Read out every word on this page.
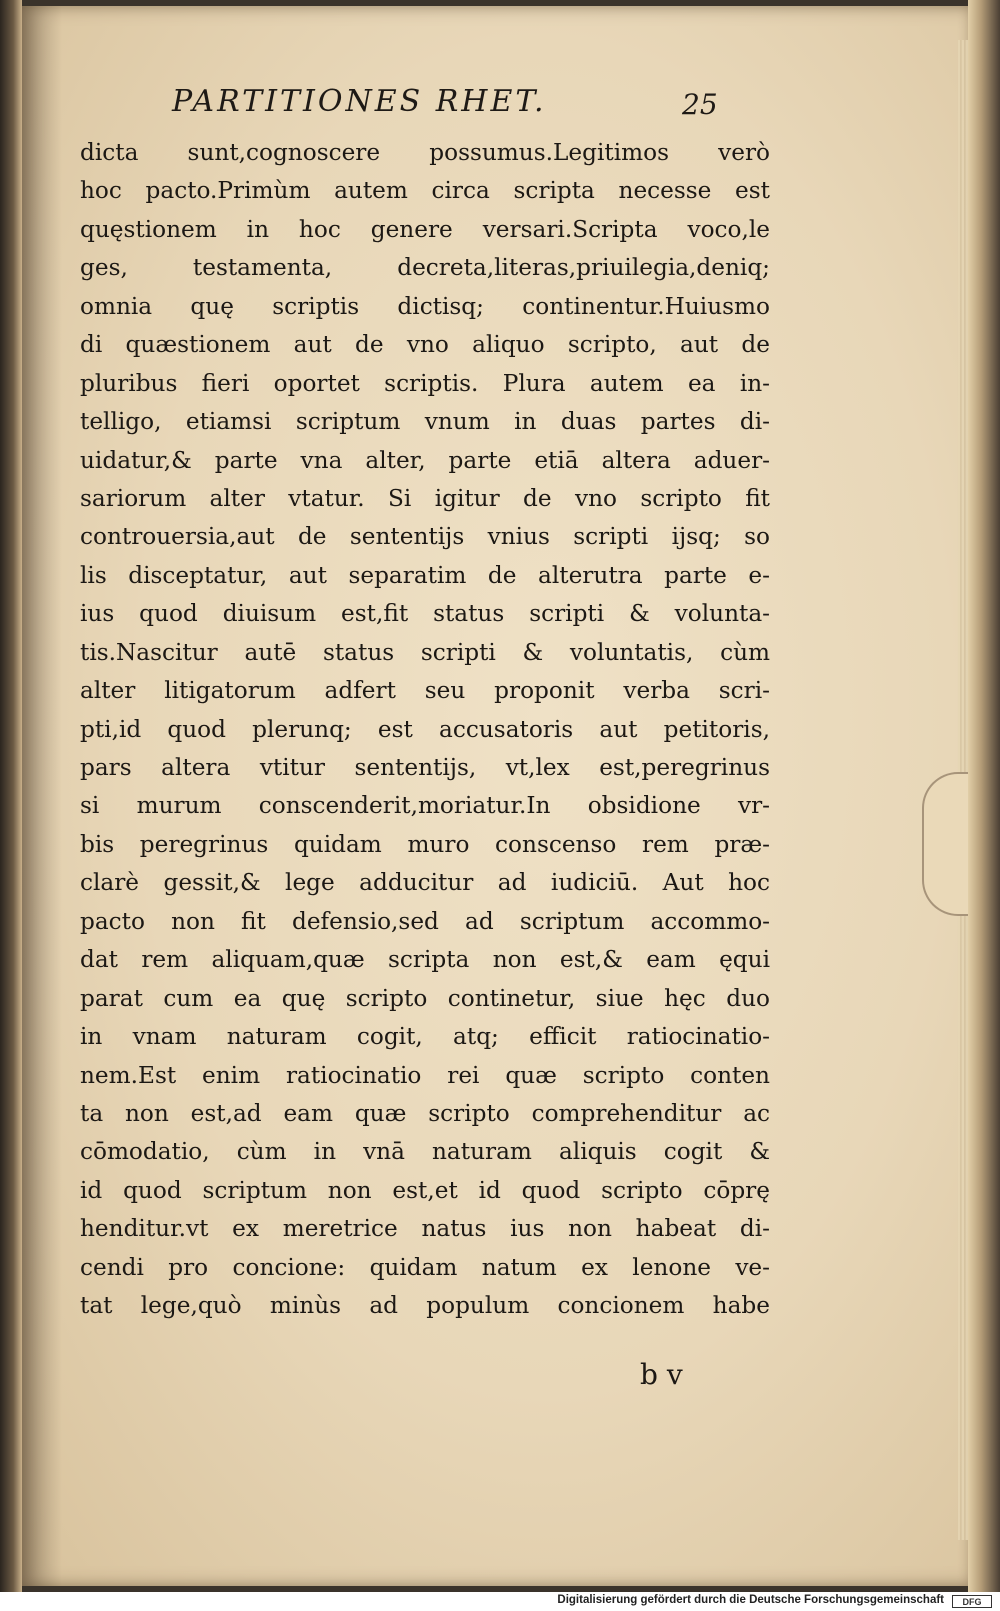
PARTITIONES RHET.	25
dicta sunt,cognoscere possumus.Legitimos verò
hoc pacto.Primùm autem circa scripta necesse est
quęstionem in hoc genere versari.Scripta voco,le
ges, testamenta, decreta,literas,priuilegia,deniq;
omnia quę scriptis dictisq; continentur.Huiusmo
di quæstionem aut de vno aliquo scripto, aut de
pluribus fieri oportet scriptis. Plura autem ea in-
telligo, etiamsi scriptum vnum in duas partes di-
uidatur,& parte vna alter, parte etiā altera aduer-
sariorum alter vtatur. Si igitur de vno scripto fit
controuersia,aut de sententijs vnius scripti ijsq; so
lis disceptatur, aut separatim de alterutra parte e-
ius quod diuisum est,fit status scripti & volunta-
tis.Nascitur autē status scripti & voluntatis, cùm
alter litigatorum adfert seu proponit verba scri-
pti,id quod plerunq; est accusatoris aut petitoris,
pars altera vtitur sententijs, vt,lex est,peregrinus
si murum conscenderit,moriatur.In obsidione vr-
bis peregrinus quidam muro conscenso rem præ-
clarè gessit,& lege adducitur ad iudiciū. Aut hoc
pacto non fit defensio,sed ad scriptum accommo-
dat rem aliquam,quæ scripta non est,& eam ęqui
parat cum ea quę scripto continetur, siue hęc duo
in vnam naturam cogit, atq; efficit ratiocinatio-
nem.Est enim ratiocinatio rei quæ scripto conten
ta non est,ad eam quæ scripto comprehenditur ac
cōmodatio, cùm in vnā naturam aliquis cogit &
id quod scriptum non est,et id quod scripto cōprę
henditur.vt ex meretrice natus ius non habeat di-
cendi pro concione: quidam natum ex lenone ve-
tat lege,quò minùs ad populum concionem habe
b v
Digitalisierung gefördert durch die Deutsche Forschungsgemeinschaft	DFG
